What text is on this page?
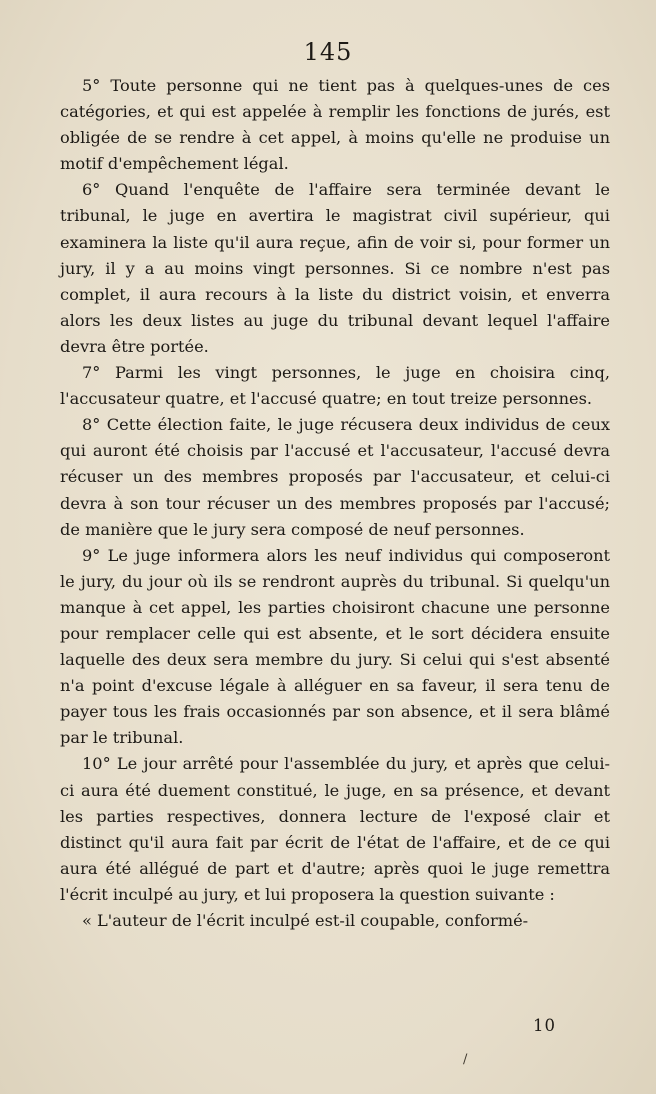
145

5° Toute personne qui ne tient pas à quelques-unes de ces catégories, et qui est appelée à remplir les fonctions de jurés, est obligée de se rendre à cet appel, à moins qu'elle ne produise un motif d'empêchement légal.

6° Quand l'enquête de l'affaire sera terminée devant le tribunal, le juge en avertira le magistrat civil supérieur, qui examinera la liste qu'il aura reçue, afin de voir si, pour former un jury, il y a au moins vingt personnes. Si ce nombre n'est pas complet, il aura recours à la liste du district voisin, et enverra alors les deux listes au juge du tribunal devant lequel l'affaire devra être portée.

7° Parmi les vingt personnes, le juge en choisira cinq, l'accusateur quatre, et l'accusé quatre; en tout treize personnes.

8° Cette élection faite, le juge récusera deux individus de ceux qui auront été choisis par l'accusé et l'accusateur, l'accusé devra récuser un des membres proposés par l'accusateur, et celui-ci devra à son tour récuser un des membres proposés par l'accusé; de manière que le jury sera composé de neuf personnes.

9° Le juge informera alors les neuf individus qui composeront le jury, du jour où ils se rendront auprès du tribunal. Si quelqu'un manque à cet appel, les parties choisiront chacune une personne pour remplacer celle qui est absente, et le sort décidera ensuite laquelle des deux sera membre du jury. Si celui qui s'est absenté n'a point d'excuse légale à alléguer en sa faveur, il sera tenu de payer tous les frais occasionnés par son absence, et il sera blâmé par le tribunal.

10° Le jour arrêté pour l'assemblée du jury, et après que celui-ci aura été duement constitué, le juge, en sa présence, et devant les parties respectives, donnera lecture de l'exposé clair et distinct qu'il aura fait par écrit de l'état de l'affaire, et de ce qui aura été allégué de part et d'autre; après quoi le juge remettra l'écrit inculpé au jury, et lui proposera la question suivante :

« L'auteur de l'écrit inculpé est-il coupable, conformé-

10
/
